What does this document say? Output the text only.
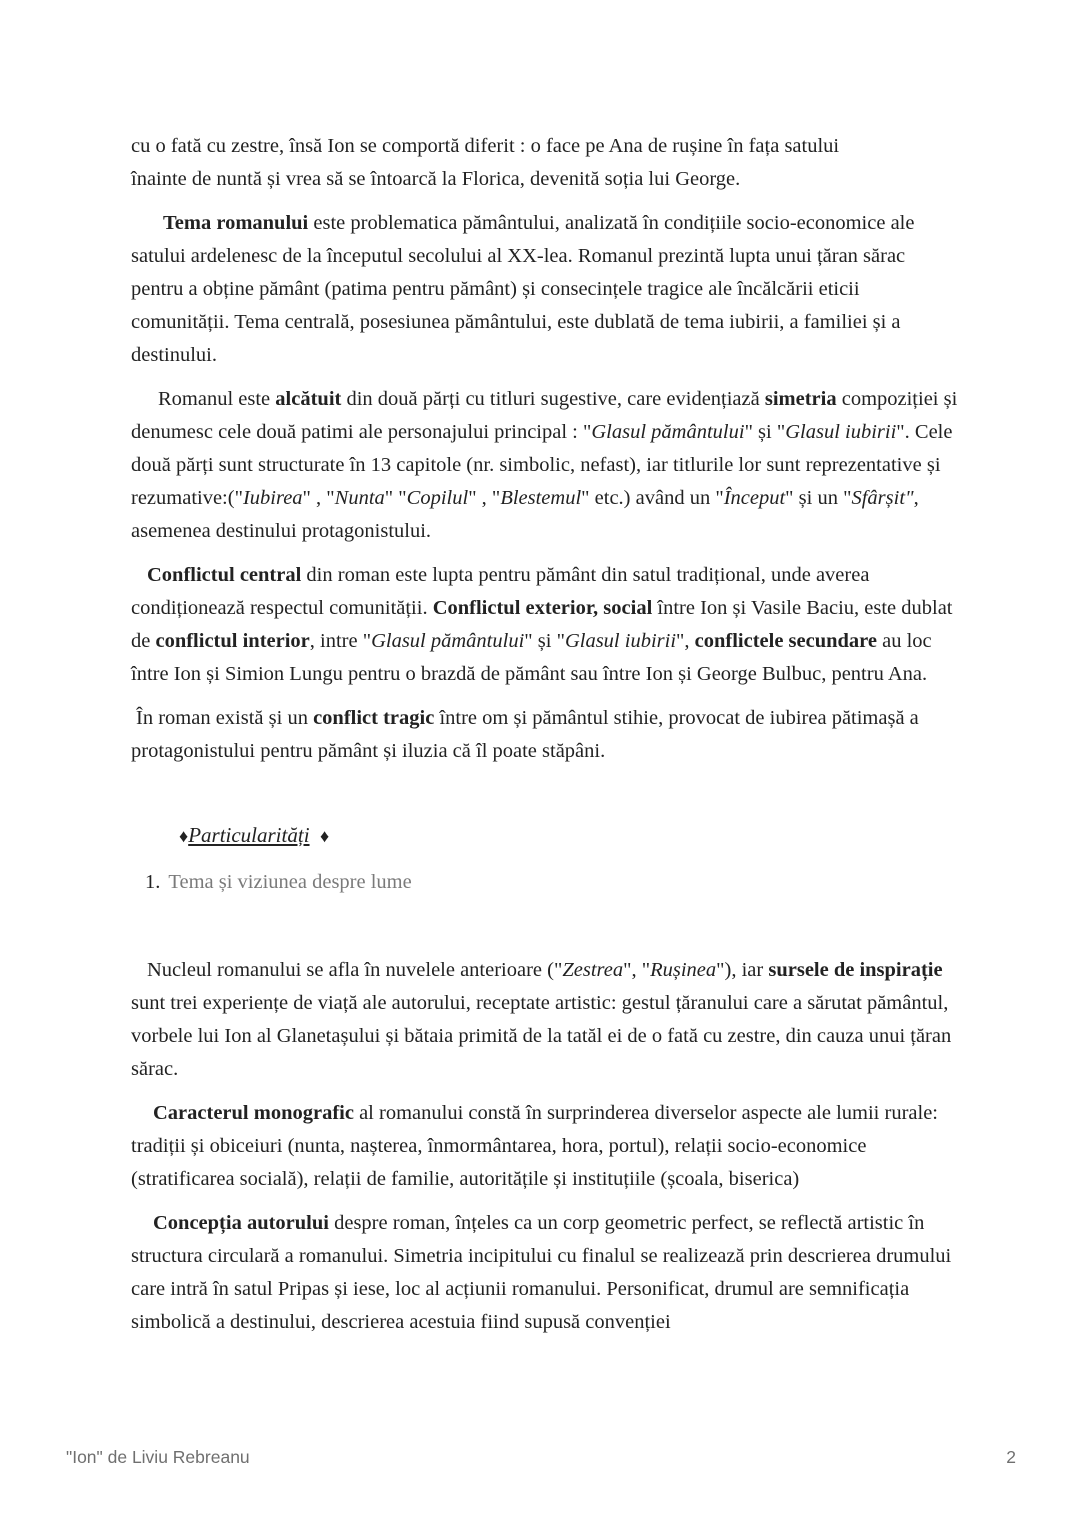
cu o fată cu zestre, însă Ion se comportă diferit : o face pe Ana de rușine în fața satului
înainte de nuntă și vrea să se întoarcă la Florica, devenită soția lui George.

Tema romanului este problematica pământului, analizată în condițiile socio-economice ale satului ardelenesc de la începutul secolului al XX-lea. Romanul prezintă lupta unui țăran sărac pentru a obține pământ (patima pentru pământ) și consecințele tragice ale încălcării eticii comunității. Tema centrală, posesiunea pământului, este dublată de tema iubirii, a familiei și a destinului.

Romanul este alcătuit din două părți cu titluri sugestive, care evidențiază simetria compoziției și denumesc cele două patimi ale personajului principal : "Glasul pământului" și "Glasul iubirii". Cele două părți sunt structurate în 13 capitole (nr. simbolic, nefast), iar titlurile lor sunt reprezentative și rezumative:("Iubirea" , "Nunta" "Copilul" , "Blestemul" etc.) având un "Început" și un "Sfârșit", asemenea destinului protagonistului.

Conflictul central din roman este lupta pentru pământ din satul tradițional, unde averea condiționează respectul comunității. Conflictul exterior, social între Ion și Vasile Baciu, este dublat de conflictul interior, intre "Glasul pământului" și "Glasul iubirii", conflictele secundare au loc între Ion și Simion Lungu pentru o brazdă de pământ sau între Ion și George Bulbuc, pentru Ana.

În roman există și un conflict tragic între om și pământul stihie, provocat de iubirea pătimașă a protagonistului pentru pământ și iluzia că îl poate stăpâni.

♦Particularități ♦
1. Tema și viziunea despre lume

Nucleul romanului se afla în nuvelele anterioare ("Zestrea", "Rușinea"), iar sursele de inspirație sunt trei experiențe de viață ale autorului, receptate artistic: gestul țăranului care a sărutat pământul, vorbele lui Ion al Glanetașului și bătaia primită de la tatăl ei de o fată cu zestre, din cauza unui țăran sărac.

Caracterul monografic al romanului constă în surprinderea diverselor aspecte ale lumii rurale: tradiții și obiceiuri (nunta, nașterea, înmormântarea, hora, portul), relații socio-economice (stratificarea socială), relații de familie, autoritățile și instituțiile (școala, biserica)

Concepția autorului despre roman, înțeles ca un corp geometric perfect, se reflectă artistic în structura circulară a romanului. Simetria incipitului cu finalul se realizează prin descrierea drumului care intră în satul Pripas și iese, loc al acțiunii romanului. Personificat, drumul are semnificația simbolică a destinului, descrierea acestuia fiind supusă convenției

"Ion" de Liviu Rebreanu	2
